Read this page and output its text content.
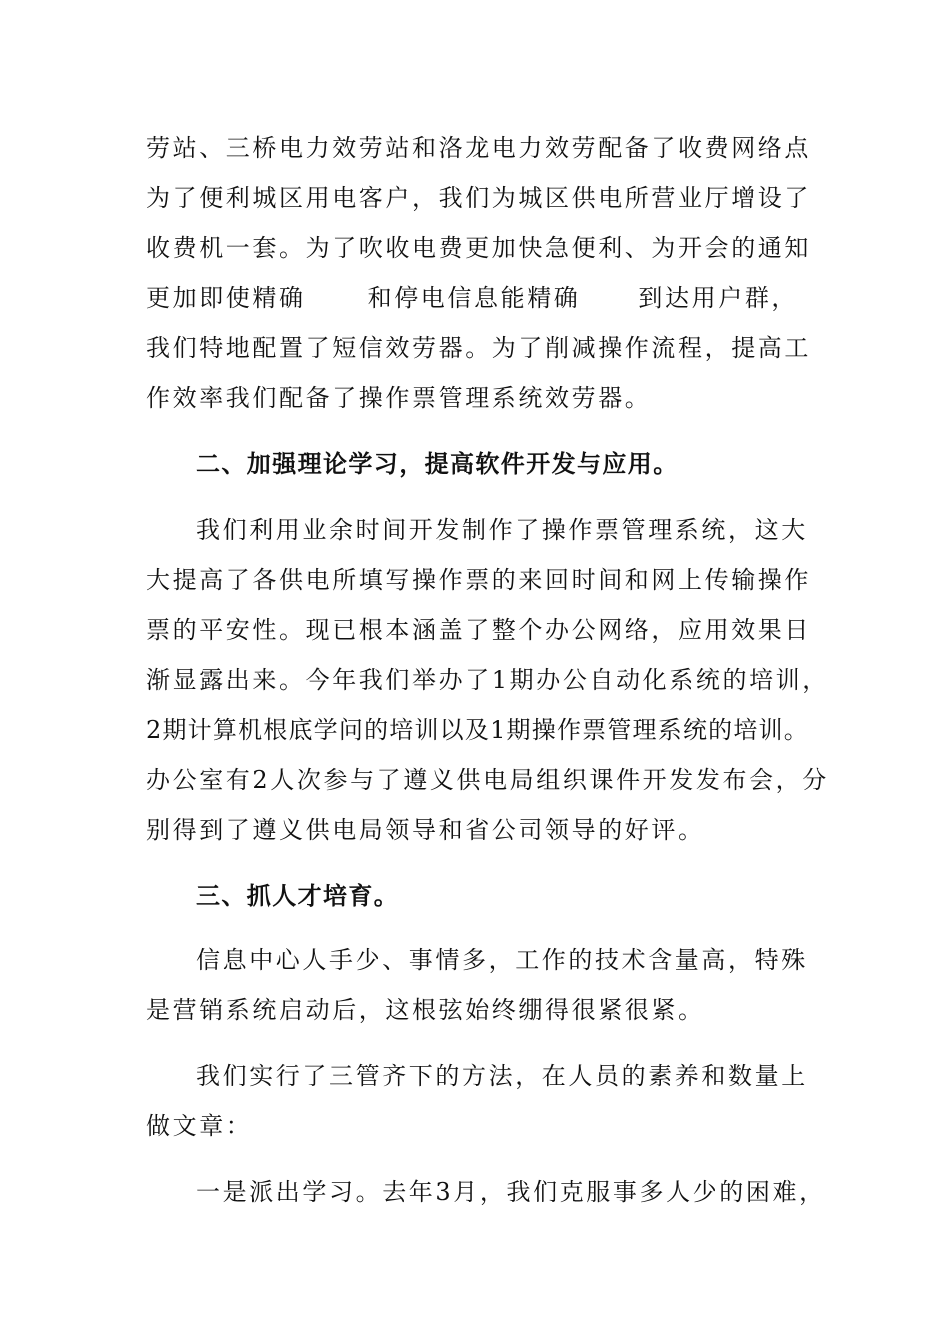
劳站、三桥电力效劳站和洛龙电力效劳配备了收费网络点
为了便利城区用电客户，我们为城区供电所营业厅增设了
收费机一套。为了吹收电费更加快急便利、为开会的通知
更加即使精确	和停电信息能精确 到达用户群，
我们特地配置了短信效劳器。为了削减操作流程，提高工
作效率我们配备了操作票管理系统效劳器。
二、加强理论学习，提高软件开发与应用。
我们利用业余时间开发制作了操作票管理系统，这大
大提高了各供电所填写操作票的来回时间和网上传输操作
票的平安性。现已根本涵盖了整个办公网络，应用效果日
渐显露出来。今年我们举办了1期办公自动化系统的培训，
2期计算机根底学问的培训以及1期操作票管理系统的培训。
办公室有2人次参与了遵义供电局组织课件开发发布会，分
别得到了遵义供电局领导和省公司领导的好评。
三、抓人才培育。
信息中心人手少、事情多，工作的技术含量高，特殊
是营销系统启动后，这根弦始终绷得很紧很紧。
我们实行了三管齐下的方法，在人员的素养和数量上
做文章：
一是派出学习。去年3月，我们克服事多人少的困难，
